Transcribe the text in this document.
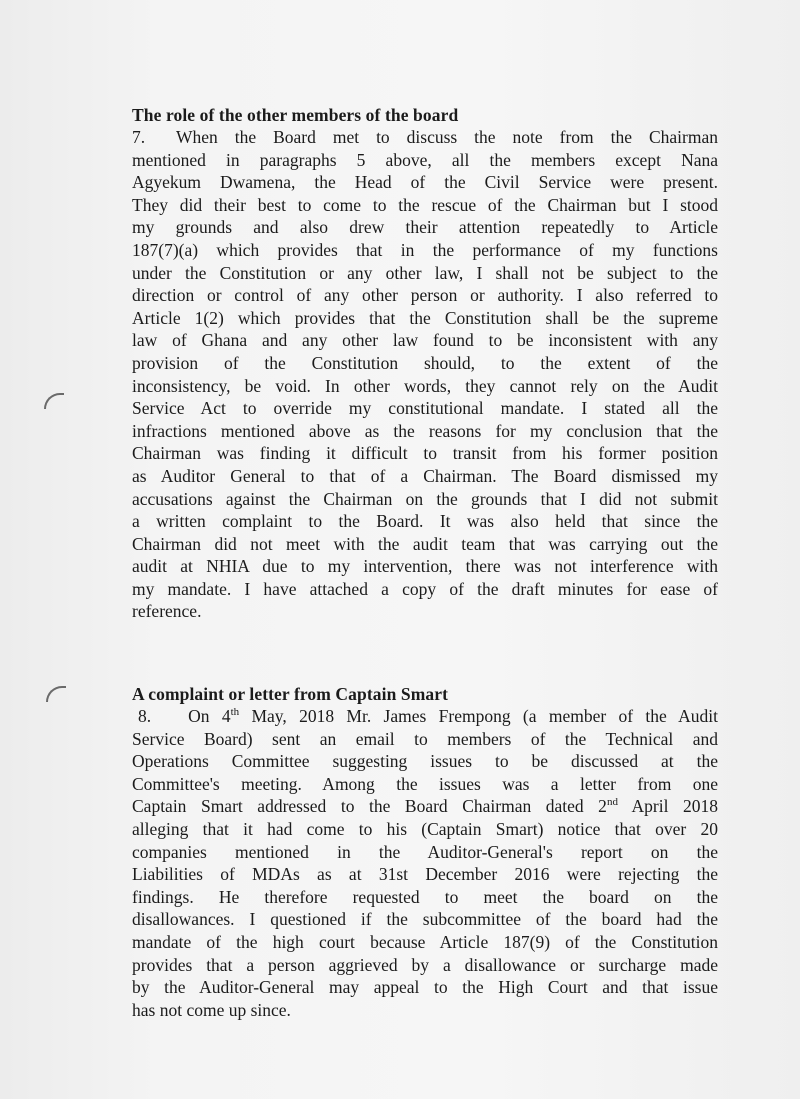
The role of the other members of the board

7. When the Board met to discuss the note from the Chairman
mentioned in paragraphs 5 above, all the members except Nana
Agyekum Dwamena, the Head of the Civil Service were present.
They did their best to come to the rescue of the Chairman but I stood
my grounds and also drew their attention repeatedly to Article
187(7)(a) which provides that in the performance of my functions
under the Constitution or any other law, I shall not be subject to the
direction or control of any other person or authority. I also referred to
Article 1(2) which provides that the Constitution shall be the supreme
law of Ghana and any other law found to be inconsistent with any
provision of the Constitution should, to the extent of the
inconsistency, be void. In other words, they cannot rely on the Audit
Service Act to override my constitutional mandate. I stated all the
infractions mentioned above as the reasons for my conclusion that the
Chairman was finding it difficult to transit from his former position
as Auditor General to that of a Chairman. The Board dismissed my
accusations against the Chairman on the grounds that I did not submit
a written complaint to the Board. It was also held that since the
Chairman did not meet with the audit team that was carrying out the
audit at NHIA due to my intervention, there was not interference with
my mandate. I have attached a copy of the draft minutes for ease of
reference.

A complaint or letter from Captain Smart

8. On 4th May, 2018 Mr. James Frempong (a member of the Audit
Service Board) sent an email to members of the Technical and
Operations Committee suggesting issues to be discussed at the
Committee's meeting. Among the issues was a letter from one
Captain Smart addressed to the Board Chairman dated 2nd April 2018
alleging that it had come to his (Captain Smart) notice that over 20
companies mentioned in the Auditor-General's report on the
Liabilities of MDAs as at 31st December 2016 were rejecting the
findings. He therefore requested to meet the board on the
disallowances. I questioned if the subcommittee of the board had the
mandate of the high court because Article 187(9) of the Constitution
provides that a person aggrieved by a disallowance or surcharge made
by the Auditor-General may appeal to the High Court and that issue
has not come up since.
